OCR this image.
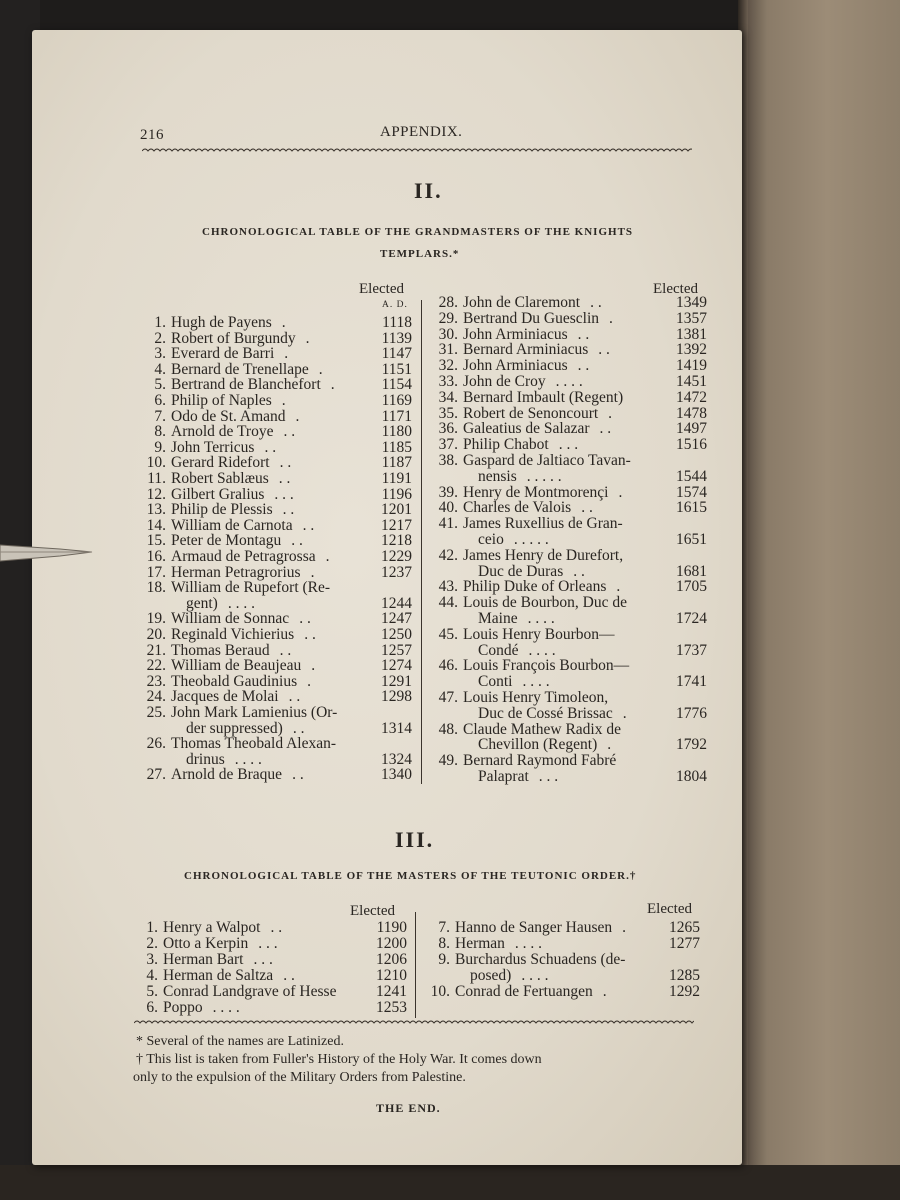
216	APPENDIX.
II.
CHRONOLOGICAL TABLE OF THE GRANDMASTERS OF THE KNIGHTS
TEMPLARS.*
Elected
A. D.
Elected
1. Hugh de Payens .	1118
2. Robert of Burgundy .	1139
3. Everard de Barri .	1147
4. Bernard de Trenellape .	1151
5. Bertrand de Blanchefort .	1154
6. Philip of Naples .	1169
7. Odo de St. Amand .	1171
8. Arnold de Troye . .	1180
9. John Terricus . .	1185
10. Gerard Ridefort . .	1187
11. Robert Sablæus . .	1191
12. Gilbert Gralius . . .	1196
13. Philip de Plessis . .	1201
14. William de Carnota . .	1217
15. Peter de Montagu . .	1218
16. Armaud de Petragrossa .	1229
17. Herman Petragrorius .	1237
18. William de Rupefort (Re-
gent) . . . .	1244
19. William de Sonnac . .	1247
20. Reginald Vichierius . .	1250
21. Thomas Beraud . .	1257
22. William de Beaujeau .	1274
23. Theobald Gaudinius .	1291
24. Jacques de Molai . .	1298
25. John Mark Lamienius (Or-
der suppressed) . .	1314
26. Thomas Theobald Alexan-
drinus . . . .	1324
27. Arnold de Braque . .	1340
28. John de Claremont . .	1349
29. Bertrand Du Guesclin .	1357
30. John Arminiacus . .	1381
31. Bernard Arminiacus . .	1392
32. John Arminiacus . .	1419
33. John de Croy . . . .	1451
34. Bernard Imbault (Regent)	1472
35. Robert de Senoncourt .	1478
36. Galeatius de Salazar . .	1497
37. Philip Chabot . . .	1516
38. Gaspard de Jaltiaco Tavan-
nensis . . . . .	1544
39. Henry de Montmorençi .	1574
40. Charles de Valois . .	1615
41. James Ruxellius de Gran-
ceio . . . . .	1651
42. James Henry de Durefort,
Duc de Duras . .	1681
43. Philip Duke of Orleans .	1705
44. Louis de Bourbon, Duc de
Maine . . . .	1724
45. Louis Henry Bourbon—
Condé . . . .	1737
46. Louis François Bourbon—
Conti . . . .	1741
47. Louis Henry Timoleon,
Duc de Cossé Brissac .	1776
48. Claude Mathew Radix de
Chevillon (Regent) .	1792
49. Bernard Raymond Fabré
Palaprat . . .	1804
III.
CHRONOLOGICAL TABLE OF THE MASTERS OF THE TEUTONIC ORDER.†
Elected	Elected
1. Henry a Walpot . .	1190
2. Otto a Kerpin . . .	1200
3. Herman Bart . . .	1206
4. Herman de Saltza . .	1210
5. Conrad Landgrave of Hesse	1241
6. Poppo . . . .	1253
7. Hanno de Sanger Hausen .	1265
8. Herman . . . .	1277
9. Burchardus Schuadens (de-
posed) . . . .	1285
10. Conrad de Fertuangen .	1292
* Several of the names are Latinized.
† This list is taken from Fuller's History of the Holy War. It comes down
only to the expulsion of the Military Orders from Palestine.
THE END.
